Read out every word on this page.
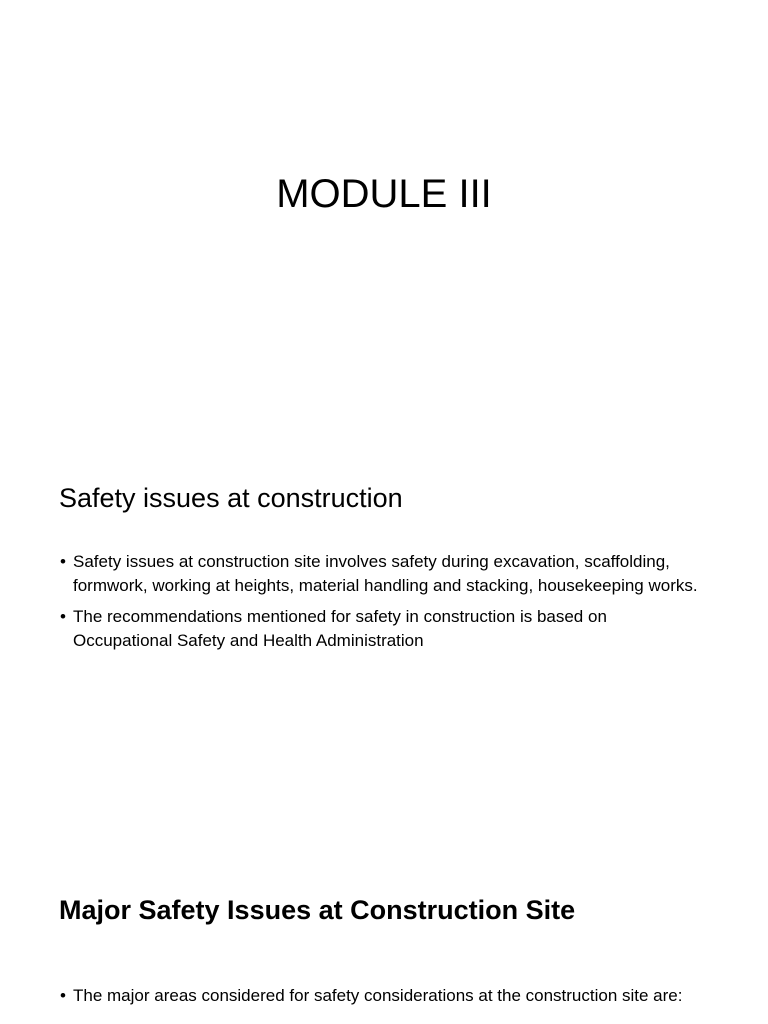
MODULE III
Safety issues at construction
• Safety issues at construction site involves safety during excavation, scaffolding, formwork, working at heights, material handling and stacking, housekeeping works.
• The recommendations mentioned for safety in construction is based on Occupational Safety and Health Administration
Major Safety Issues at Construction Site
• The major areas considered for safety considerations at the construction site are:
